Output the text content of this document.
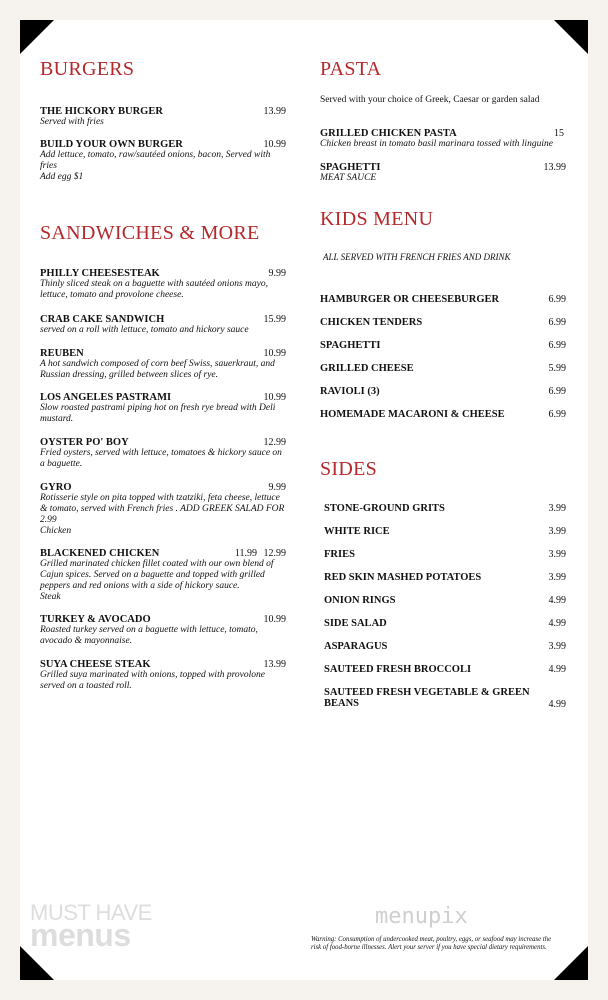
BURGERS
THE HICKORY BURGER	13.99
Served with fries
BUILD YOUR OWN BURGER	10.99
Add lettuce, tomato, raw/sautéed onions, bacon, Served with fries
Add egg $1
SANDWICHES & MORE
PHILLY CHEESESTEAK	9.99
Thinly sliced steak on a baguette with sautéed onions mayo, lettuce, tomato and provolone cheese.
CRAB CAKE SANDWICH	15.99
served on a roll with lettuce, tomato and hickory sauce
REUBEN	10.99
A hot sandwich composed of corn beef Swiss, sauerkraut, and Russian dressing, grilled between slices of rye.
LOS ANGELES PASTRAMI	10.99
Slow roasted pastrami piping hot on fresh rye bread with Deli mustard.
OYSTER PO' BOY	12.99
Fried oysters, served with lettuce, tomatoes & hickory sauce on a baguette.
GYRO	9.99
Rotisserie style on pita topped with tzatziki, feta cheese, lettuce & tomato, served with French fries . ADD GREEK SALAD FOR 2.99
Chicken
BLACKENED CHICKEN	11.99 12.99
Grilled marinated chicken fillet coated with our own blend of Cajun spices. Served on a baguette and topped with grilled peppers and red onions with a side of hickory sauce.
Steak
TURKEY & AVOCADO	10.99
Roasted turkey served on a baguette with lettuce, tomato, avocado & mayonnaise.
SUYA CHEESE STEAK	13.99
Grilled suya marinated with onions, topped with provolone served on a toasted roll.
PASTA
Served with your choice of Greek, Caesar or garden salad
GRILLED CHICKEN PASTA	15
Chicken breast in tomato basil marinara tossed with linguine
SPAGHETTI	13.99
MEAT SAUCE
KIDS MENU
ALL SERVED WITH FRENCH FRIES AND DRINK
HAMBURGER OR CHEESEBURGER	6.99
CHICKEN TENDERS	6.99
SPAGHETTI	6.99
GRILLED CHEESE	5.99
RAVIOLI (3)	6.99
HOMEMADE MACARONI & CHEESE	6.99
SIDES
STONE-GROUND GRITS	3.99
WHITE RICE	3.99
FRIES	3.99
RED SKIN MASHED POTATOES	3.99
ONION RINGS	4.99
SIDE SALAD	4.99
ASPARAGUS	3.99
SAUTEED FRESH BROCCOLI	4.99
SAUTEED FRESH VEGETABLE & GREEN BEANS	4.99
MUST HAVE
menus
menupix
Warning: Consumption of undercooked meat, poultry, eggs, or seafood may increase the risk of food-borne illnesses. Alert your server if you have special dietary requirements.
